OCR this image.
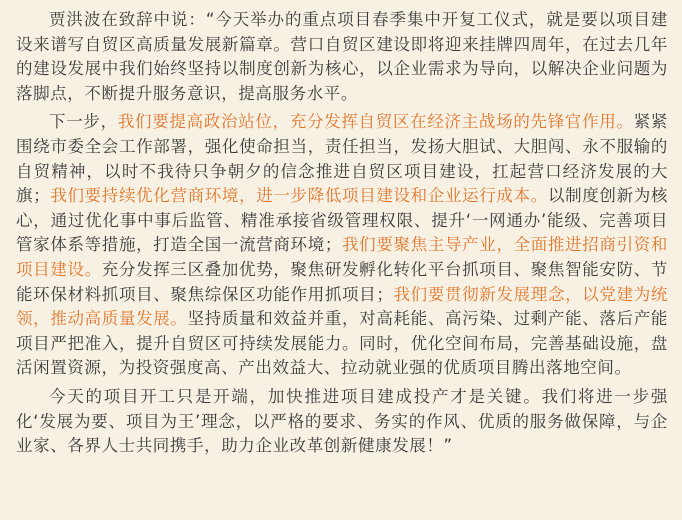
贾洪波在致辞中说：“今天举办的重点项目春季集中开复工仪式，就是要以项目建设来谱写自贸区高质量发展新篇章。营口自贸区建设即将迎来挂牌四周年，在过去几年的建设发展中我们始终坚持以制度创新为核心，以企业需求为导向，以解决企业问题为落脚点，不断提升服务意识，提高服务水平。

下一步，我们要提高政治站位，充分发挥自贸区在经济主战场的先锋官作用。紧紧围绕市委全会工作部署，强化使命担当，责任担当，发扬大胆试、大胆闯、永不服输的自贸精神，以时不我待只争朝夕的信念推进自贸区项目建设，扛起营口经济发展的大旗；我们要持续优化营商环境，进一步降低项目建设和企业运行成本。以制度创新为核心，通过优化事中事后监管、精准承接省级管理权限、提升‘一网通办’能级、完善项目管家体系等措施，打造全国一流营商环境；我们要聚焦主导产业，全面推进招商引资和项目建设。充分发挥三区叠加优势，聚焦研发孵化转化平台抓项目、聚焦智能安防、节能环保材料抓项目、聚焦综保区功能作用抓项目；我们要贯彻新发展理念，以党建为统领，推动高质量发展。坚持质量和效益并重，对高耗能、高污染、过剩产能、落后产能项目严把准入，提升自贸区可持续发展能力。同时，优化空间布局，完善基础设施，盘活闲置资源，为投资强度高、产出效益大、拉动就业强的优质项目腾出落地空间。

今天的项目开工只是开端，加快推进项目建成投产才是关键。我们将进一步强化‘发展为要、项目为王’理念，以严格的要求、务实的作风、优质的服务做保障，与企业家、各界人士共同携手，助力企业改革创新健康发展！”
